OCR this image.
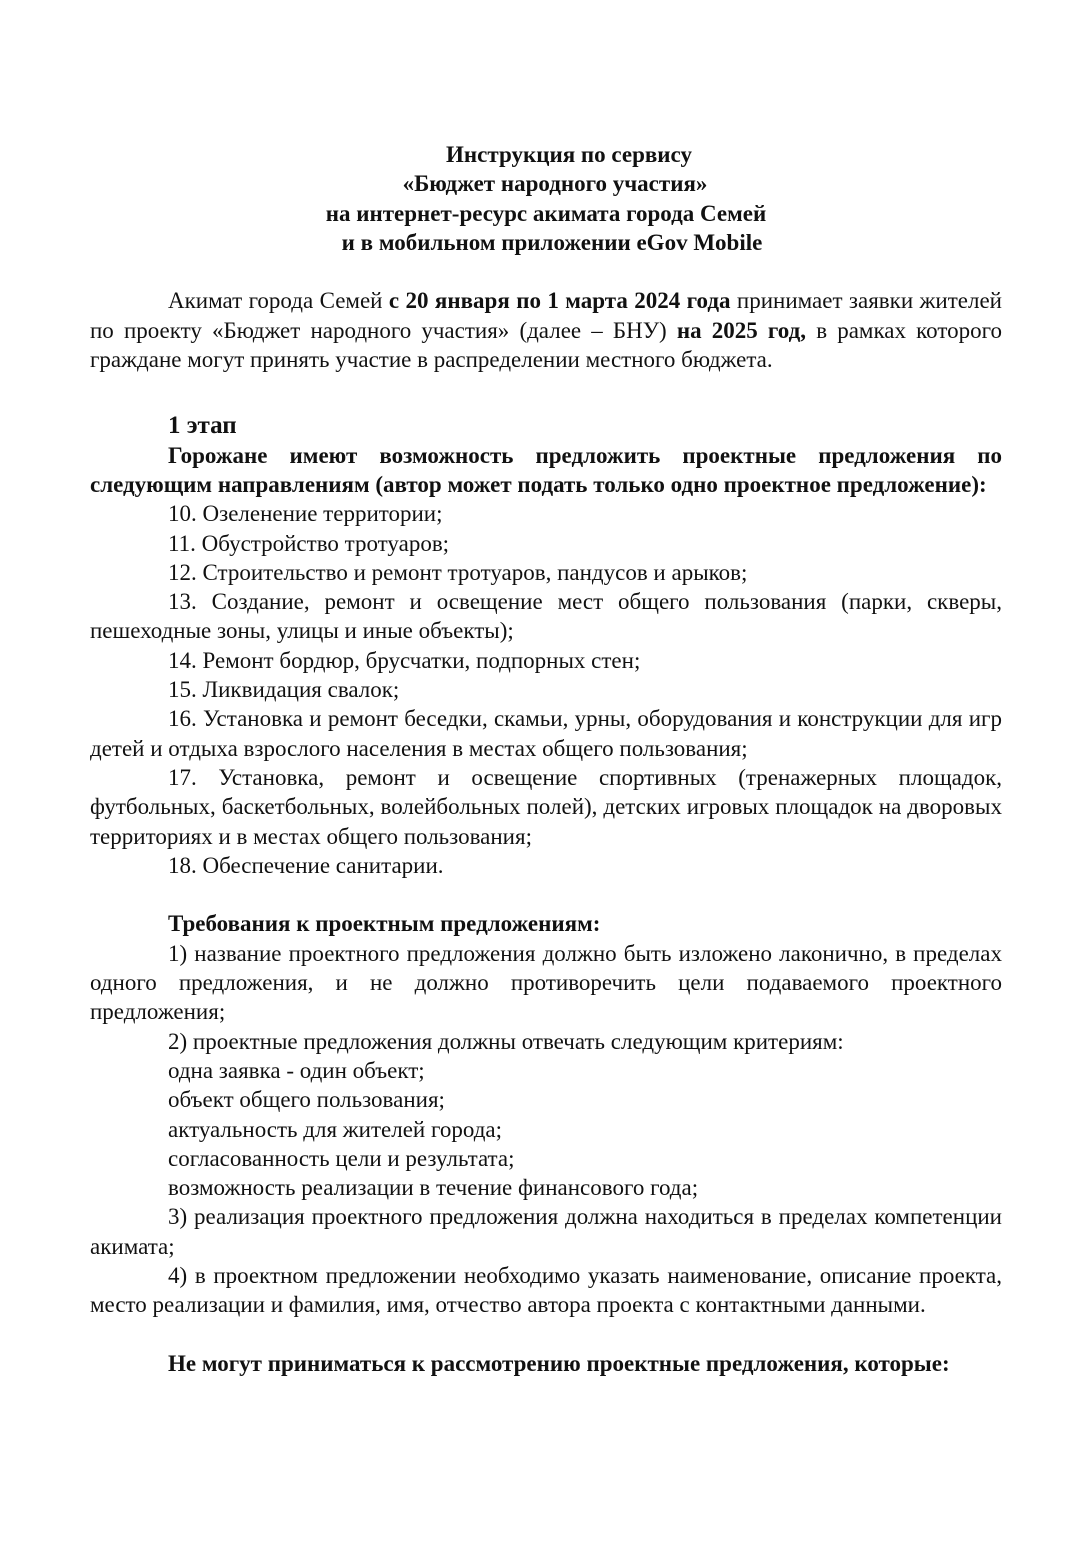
Инструкция по сервису
«Бюджет народного участия»
на интернет-ресурс акимата города Семей
и в мобильном приложении eGov Mobile

Акимат города Семей с 20 января по 1 марта 2024 года принимает заявки жителей по проекту «Бюджет народного участия» (далее – БНУ) на 2025 год, в рамках которого граждане могут принять участие в распределении местного бюджета.

1 этап

Горожане имеют возможность предложить проектные предложения по следующим направлениям (автор может подать только одно проектное предложение):

10. Озеленение территории;

11. Обустройство тротуаров;

12. Строительство и ремонт тротуаров, пандусов и арыков;

13. Создание, ремонт и освещение мест общего пользования (парки, скверы, пешеходные зоны, улицы и иные объекты);

14. Ремонт бордюр, брусчатки, подпорных стен;

15. Ликвидация свалок;

16. Установка и ремонт беседки, скамьи, урны, оборудования и конструкции для игр детей и отдыха взрослого населения в местах общего пользования;

17. Установка, ремонт и освещение спортивных (тренажерных площадок, футбольных, баскетбольных, волейбольных полей), детских игровых площадок на дворовых территориях и в местах общего пользования;

18. Обеспечение санитарии.

Требования к проектным предложениям:

1) название проектного предложения должно быть изложено лаконично, в пределах одного предложения, и не должно противоречить цели подаваемого проектного предложения;

2) проектные предложения должны отвечать следующим критериям:

одна заявка - один объект;

объект общего пользования;

актуальность для жителей города;

согласованность цели и результата;

возможность реализации в течение финансового года;

3) реализация проектного предложения должна находиться в пределах компетенции акимата;

4) в проектном предложении необходимо указать наименование, описание проекта, место реализации и фамилия, имя, отчество автора проекта с контактными данными.

Не могут приниматься к рассмотрению проектные предложения, которые:
